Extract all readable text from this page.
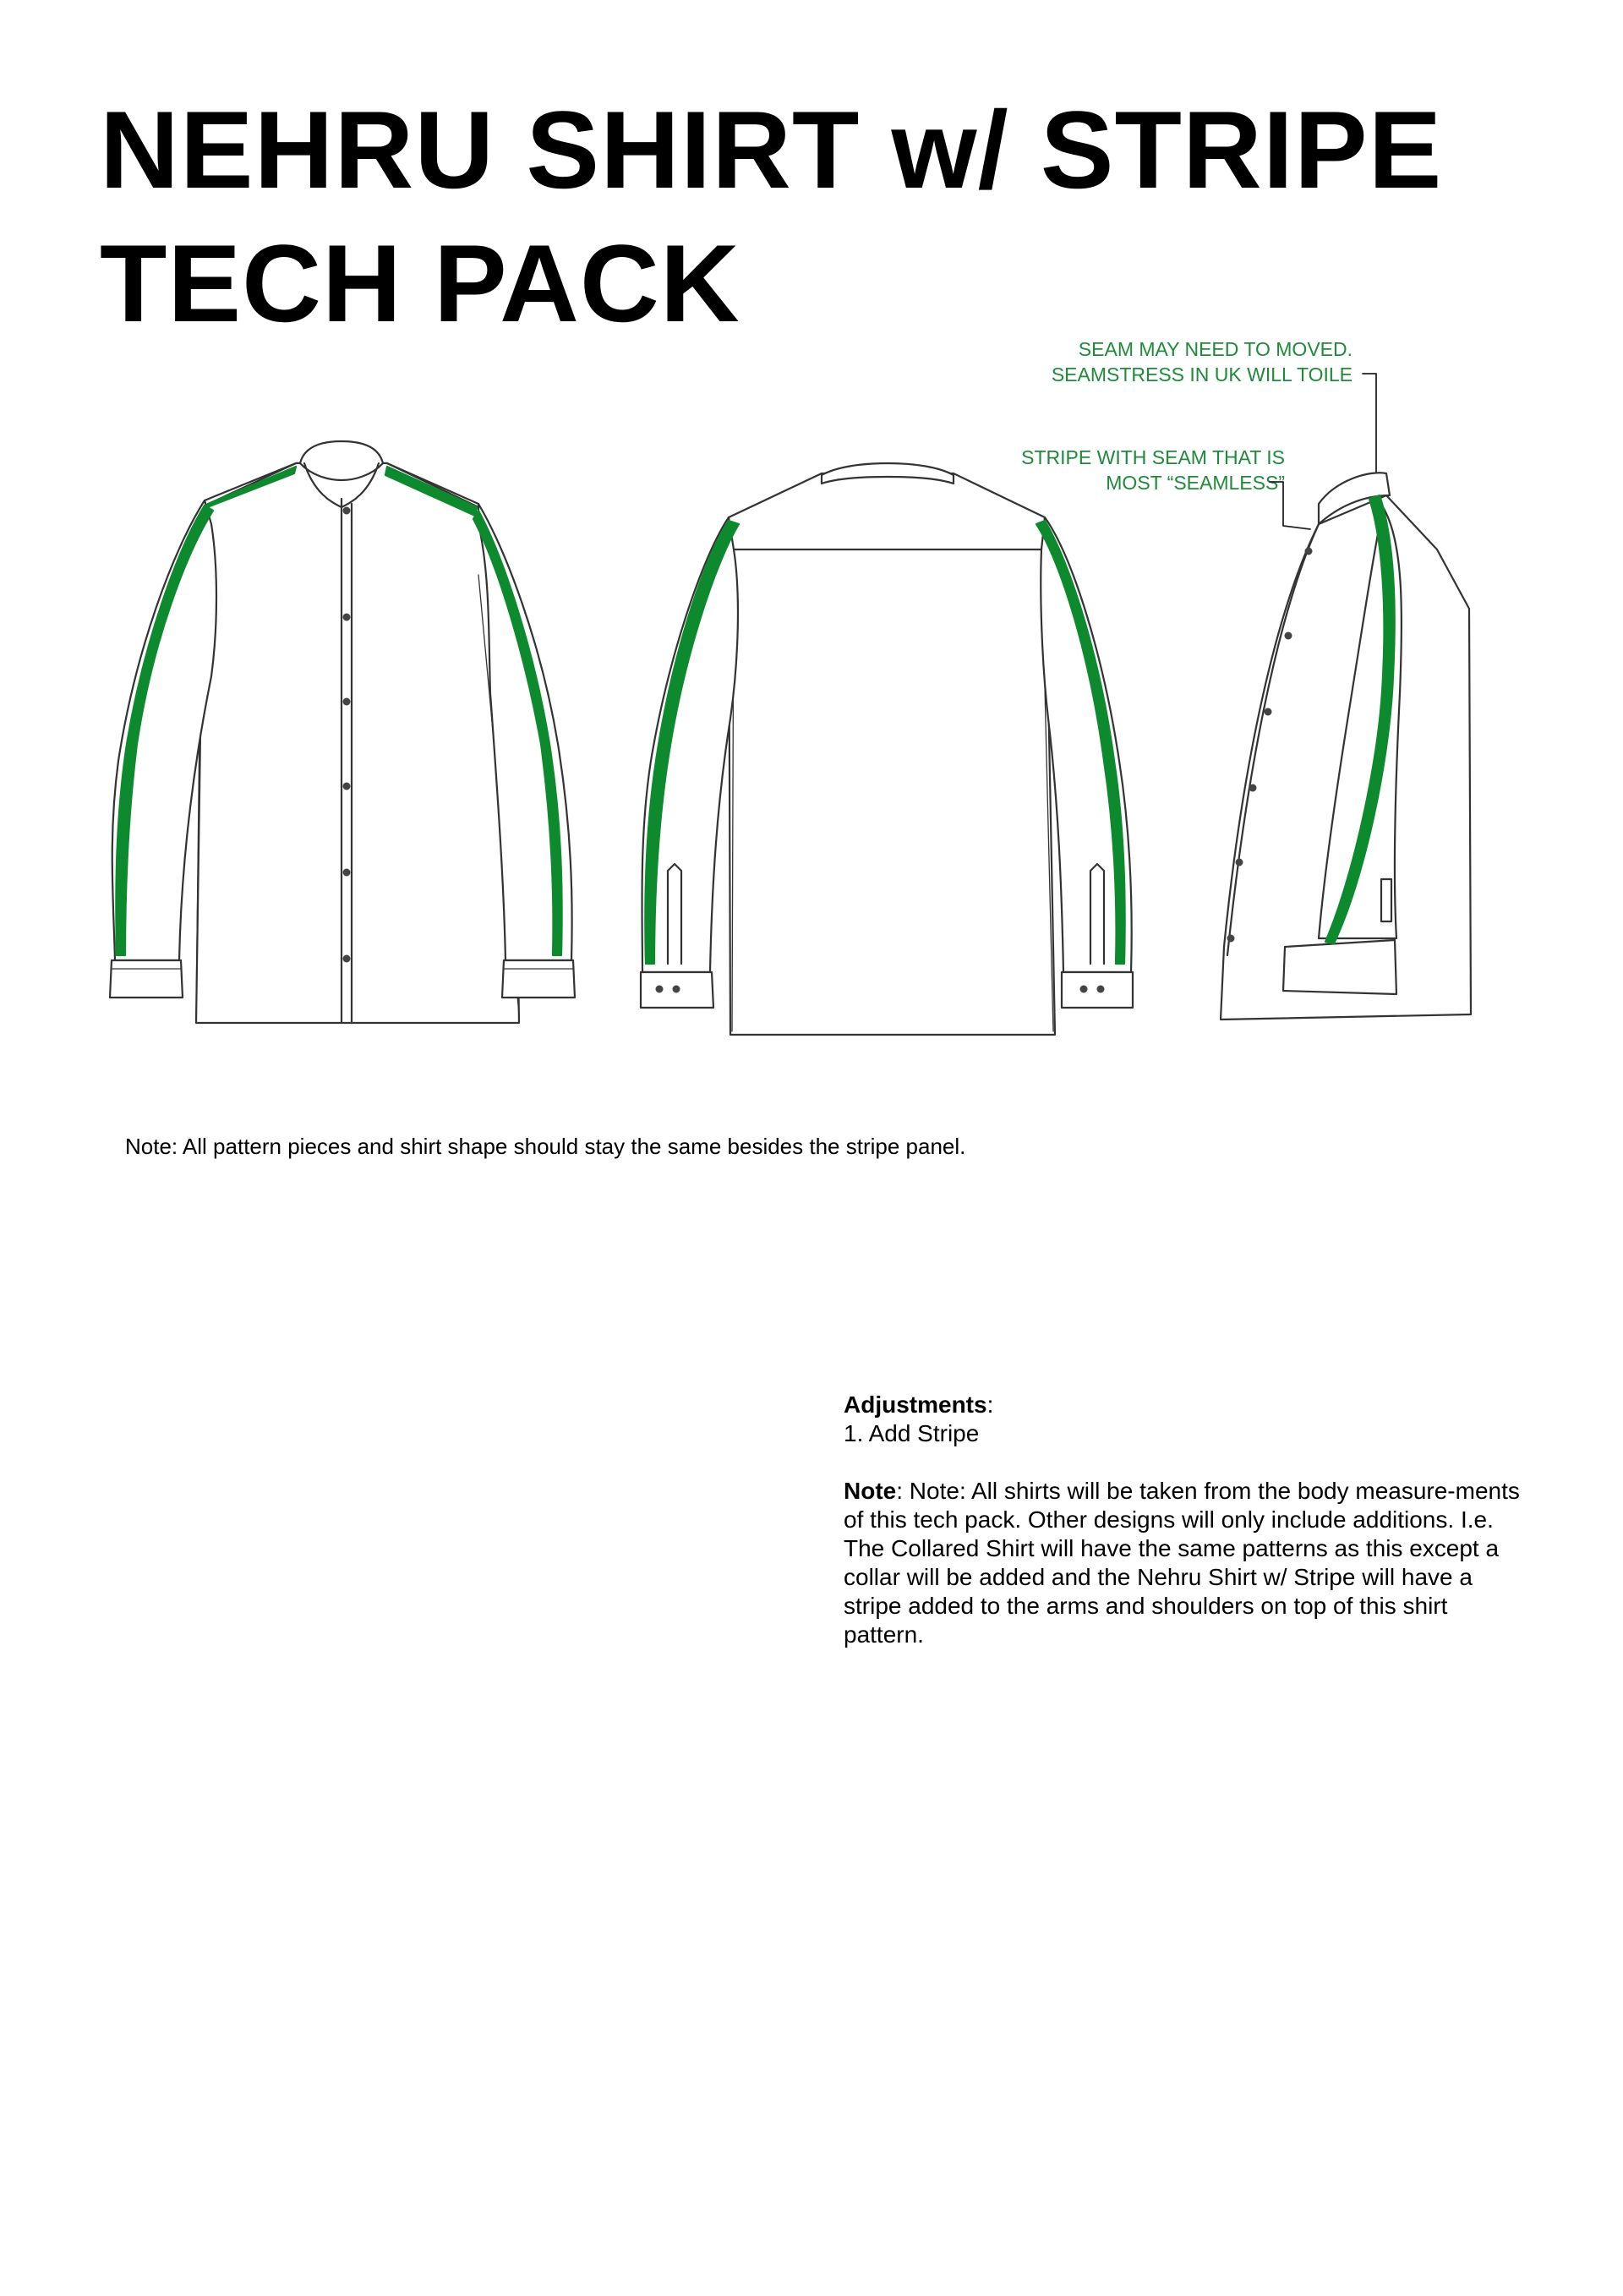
NEHRU SHIRT w/ STRIPE
TECH PACK
SEAM MAY NEED TO MOVED.
SEAMSTRESS IN UK WILL TOILE
STRIPE WITH SEAM THAT IS
MOST “SEAMLESS”

Note: All pattern pieces and shirt shape should stay the same besides the stripe panel.

Adjustments:

1. Add Stripe

Note: Note: All shirts will be taken from the body measure-ments of this tech pack. Other designs will only include additions. I.e. The Collared Shirt will have the same patterns as this except a collar will be added and the Nehru Shirt w/ Stripe will have a stripe added to the arms and shoulders on top of this shirt pattern.
